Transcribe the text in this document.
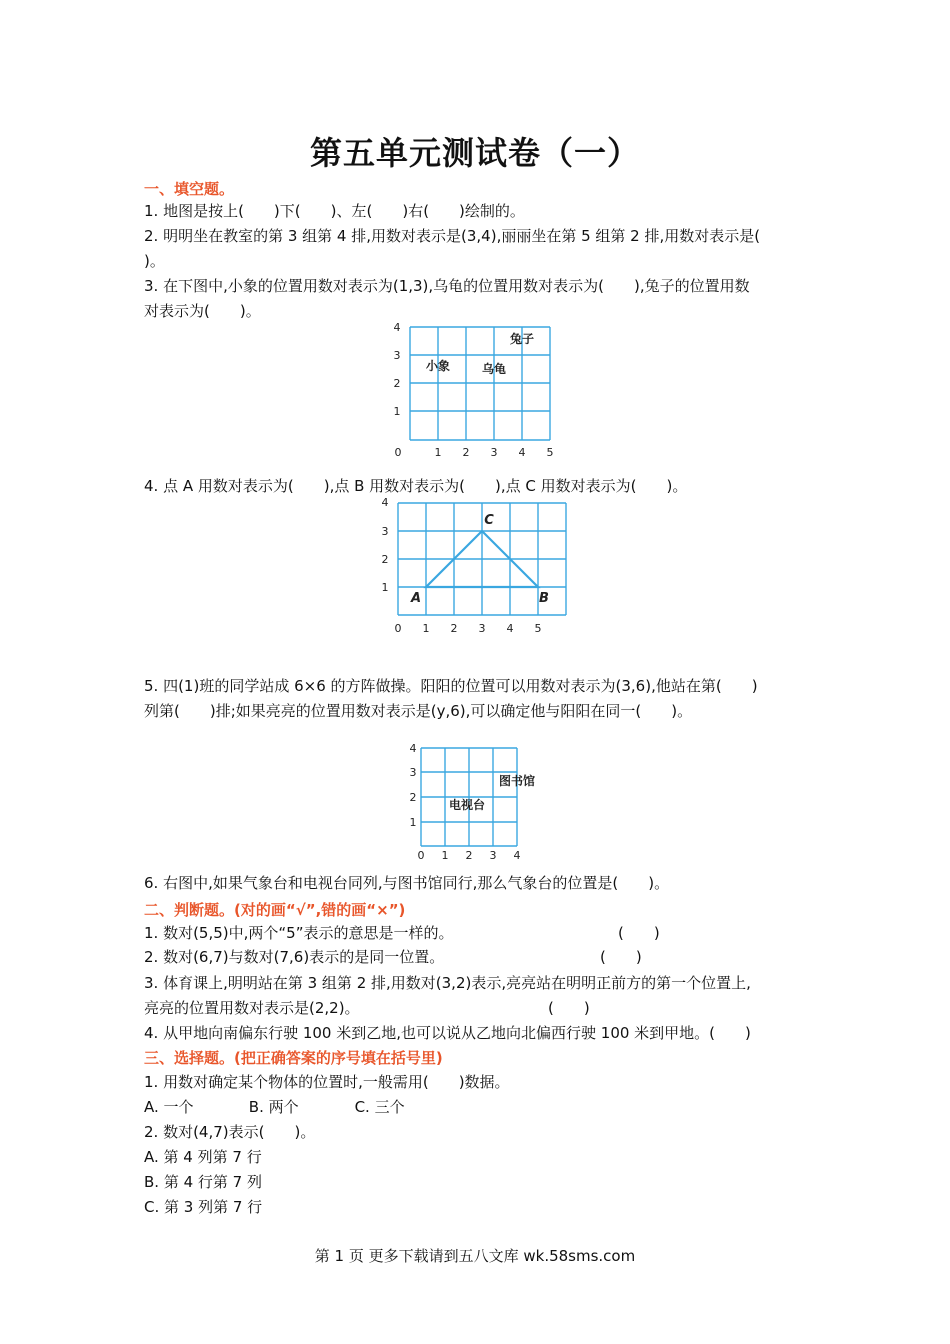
第五单元测试卷（一）
一、填空题。
1. 地图是按上(　　)下(　　)、左(　　)右(　　)绘制的。
2. 明明坐在教室的第 3 组第 4 排,用数对表示是(3,4),丽丽坐在第 5 组第 2 排,用数对表示是(
)。
3. 在下图中,小象的位置用数对表示为(1,3),乌龟的位置用数对表示为(　　),兔子的位置用数
对表示为(　　)。
0	1 2 3 4 5
1
2
3
4
小象	乌龟
兔子
4. 点 A 用数对表示为(　　),点 B 用数对表示为(　　),点 C 用数对表示为(　　)。
0 1 2 3 4 5
1
2
3
4
A	B
C
5. 四(1)班的同学站成 6×6 的方阵做操。阳阳的位置可以用数对表示为(3,6),他站在第(　　)
列第(　　)排;如果亮亮的位置用数对表示是(y,6),可以确定他与阳阳在同一(　　)。
0 1 2 3 4
1
2
3
4
图书馆
电视台
6. 右图中,如果气象台和电视台同列,与图书馆同行,那么气象台的位置是(　　)。
二、判断题。(对的画“√”,错的画“×”)
1. 数对(5,5)中,两个“5”表示的意思是一样的。	(　　)
2. 数对(6,7)与数对(7,6)表示的是同一位置。	(　　)
3. 体育课上,明明站在第 3 组第 2 排,用数对(3,2)表示,亮亮站在明明正前方的第一个位置上,
亮亮的位置用数对表示是(2,2)。	(　　)
4. 从甲地向南偏东行驶 100 米到乙地,也可以说从乙地向北偏西行驶 100 米到甲地。(　　)
三、选择题。(把正确答案的序号填在括号里)
1. 用数对确定某个物体的位置时,一般需用(　　)数据。
A. 一个	B. 两个	C. 三个
2. 数对(4,7)表示(　　)。
A. 第 4 列第 7 行
B. 第 4 行第 7 列
C. 第 3 列第 7 行
第 1 页 更多下载请到五八文库 wk.58sms.com
